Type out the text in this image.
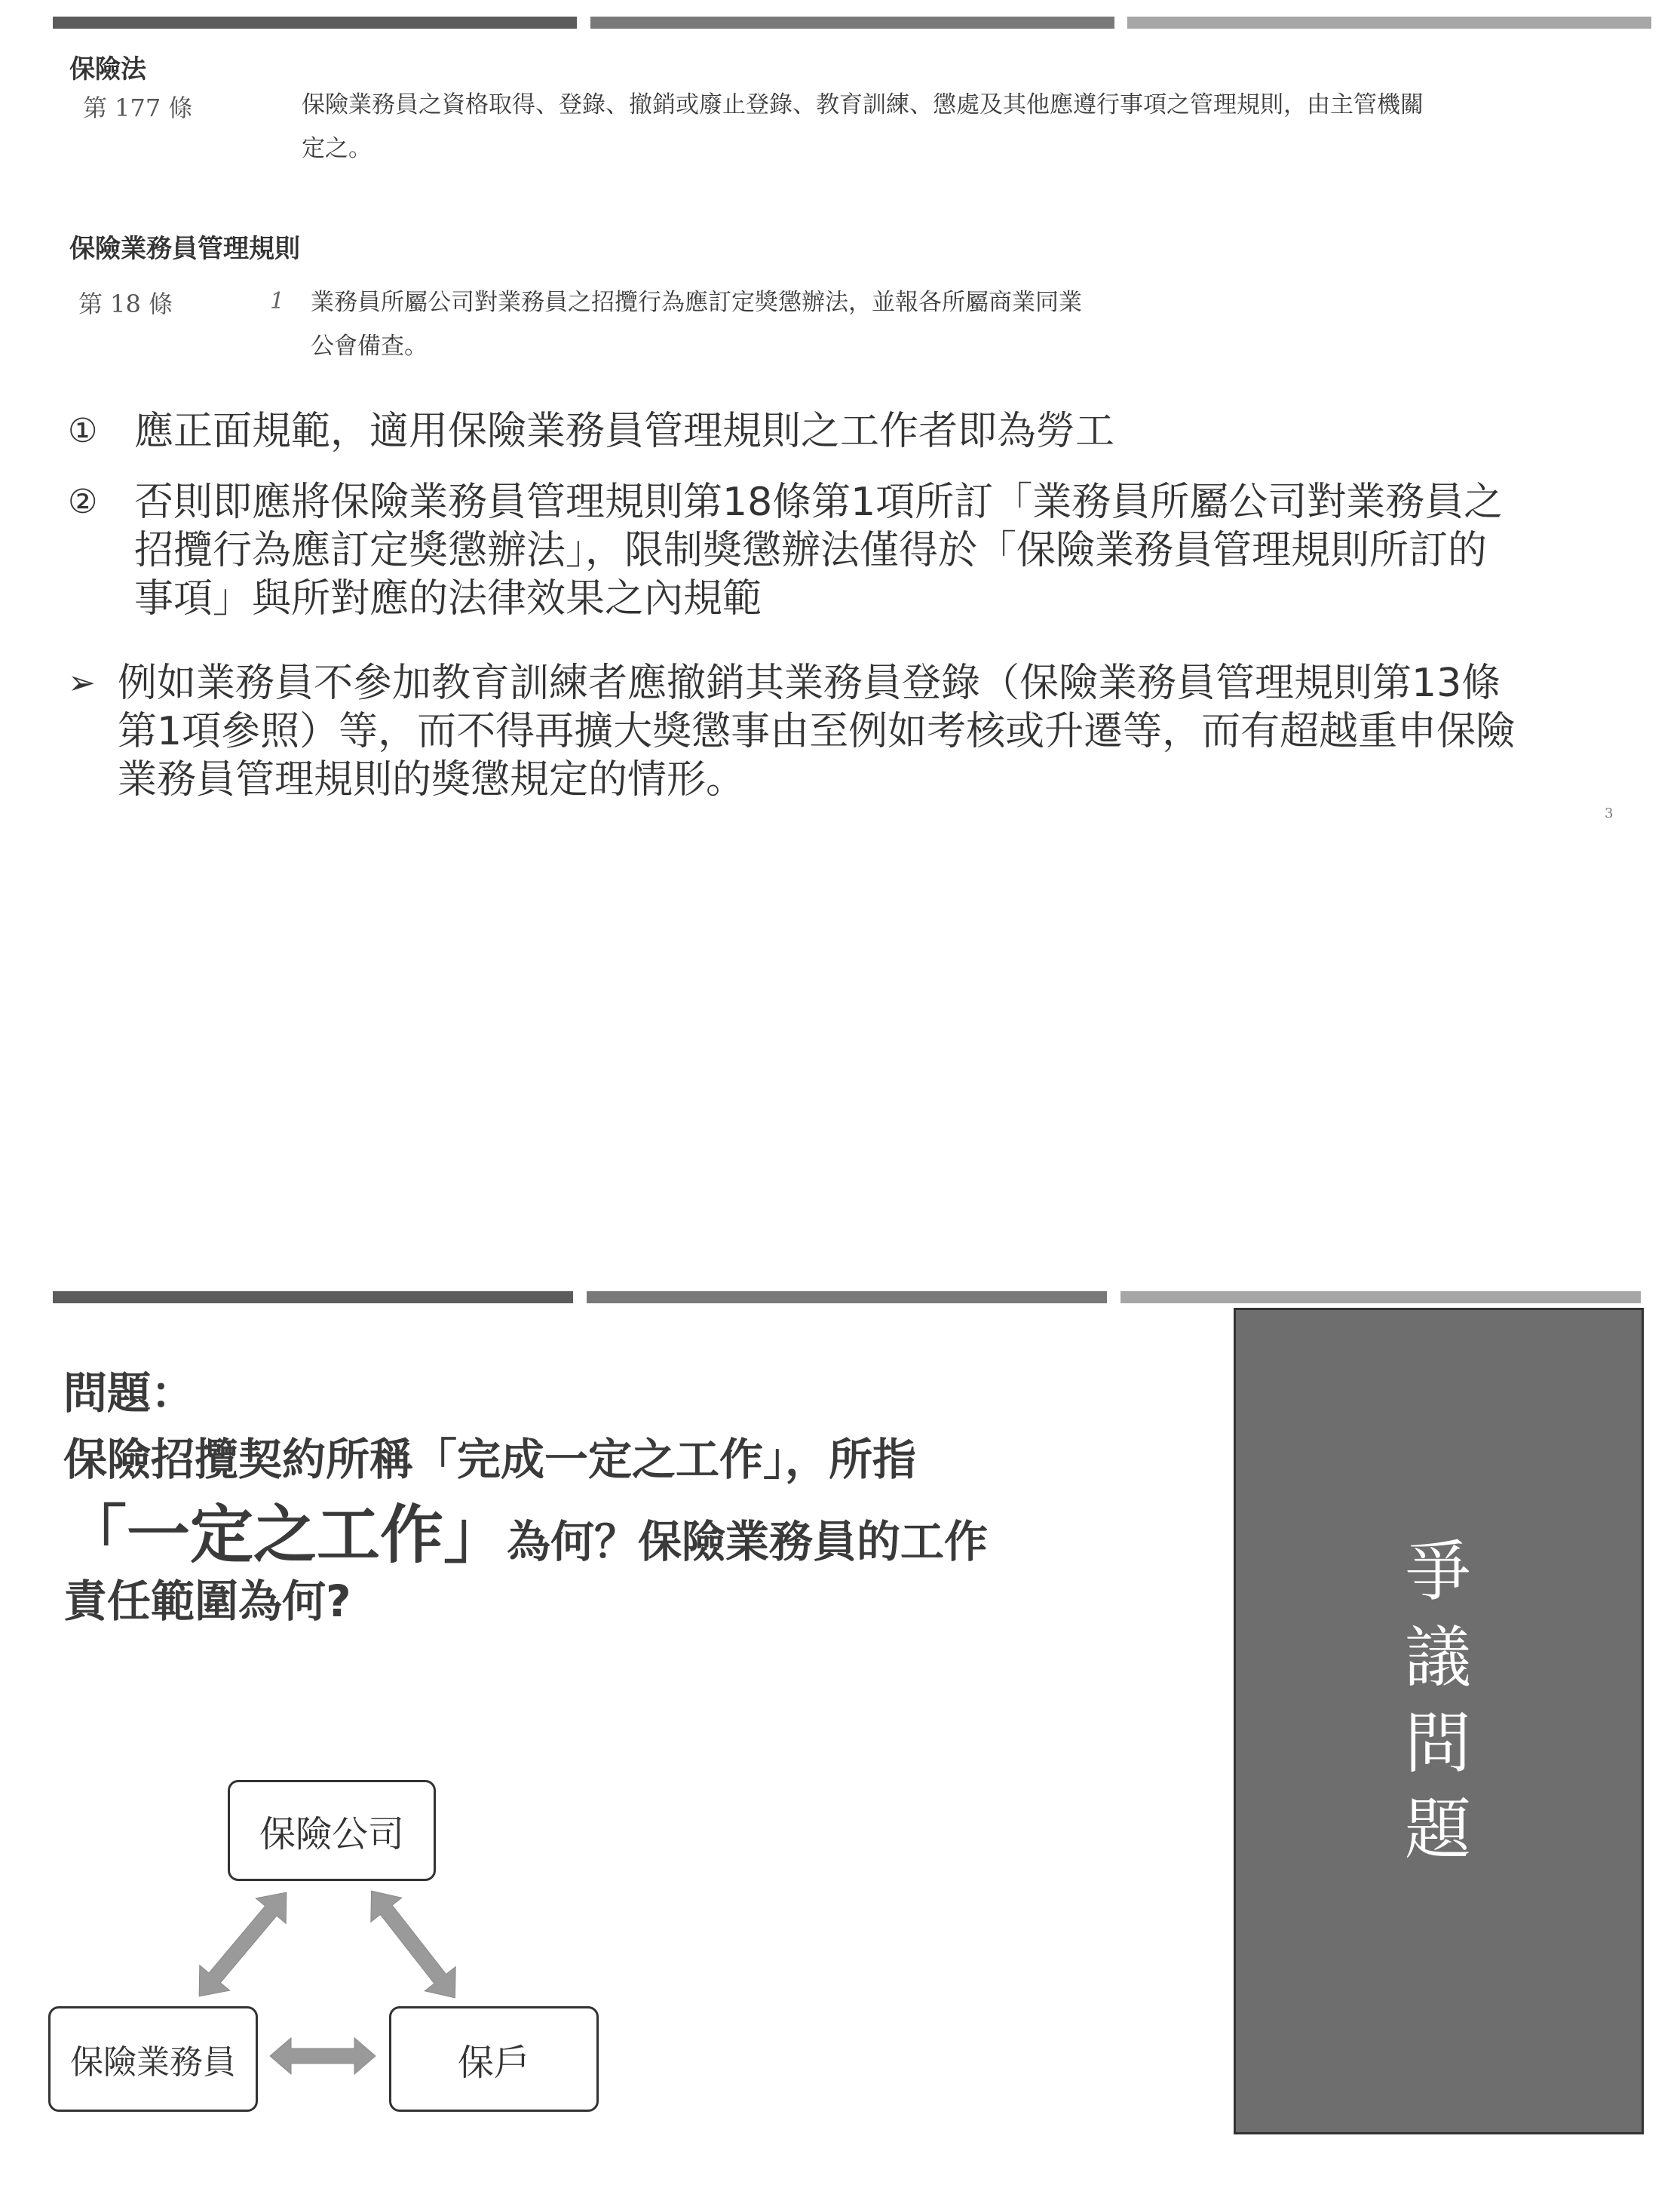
保險法
第 177 條	保險業務員之資格取得、登錄、撤銷或廢止登錄、教育訓練、懲處及其他應遵行事項之管理規則，由主管機關
定之。
保險業務員管理規則
第 18 條	1 業務員所屬公司對業務員之招攬行為應訂定獎懲辦法，並報各所屬商業同業
公會備查。
① 應正面規範，適用保險業務員管理規則之工作者即為勞工
② 否則即應將保險業務員管理規則第18條第1項所訂「業務員所屬公司對業務員之
招攬行為應訂定獎懲辦法」，限制獎懲辦法僅得於「保險業務員管理規則所訂的
事項」與所對應的法律效果之內規範
➢ 例如業務員不參加教育訓練者應撤銷其業務員登錄（保險業務員管理規則第13條
第1項參照）等，而不得再擴大獎懲事由至例如考核或升遷等，而有超越重申保險
業務員管理規則的獎懲規定的情形。
3
問題：
保險招攬契約所稱「完成一定之工作」，所指
「一定之工作」為何？保險業務員的工作
責任範圍為何?
保險公司
保險業務員	保戶
爭
議
問
題
